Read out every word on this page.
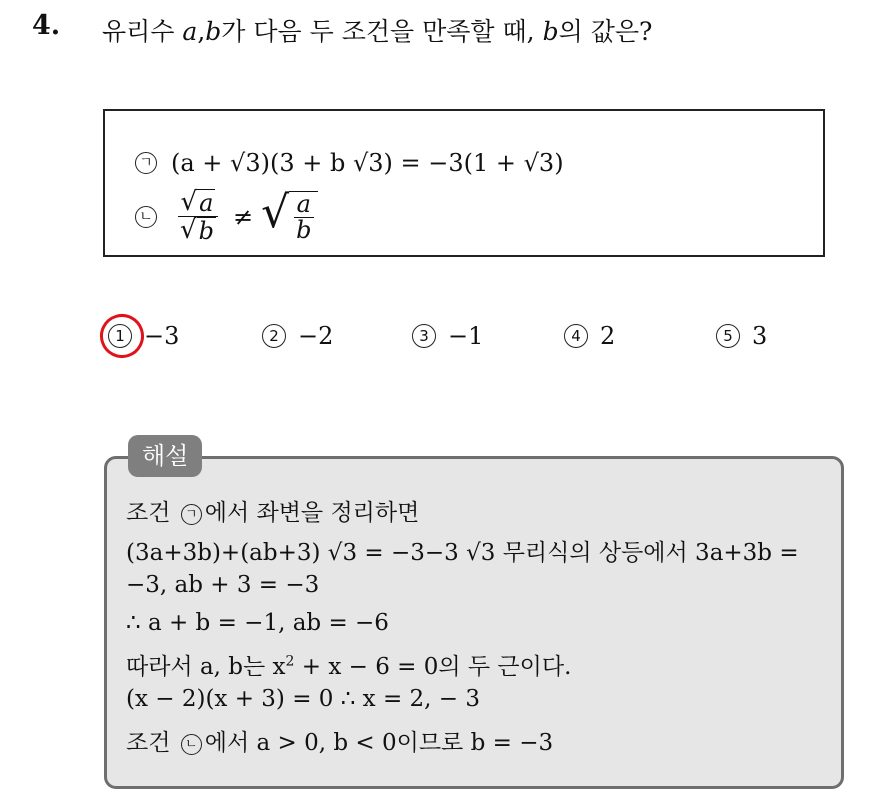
4. 유리수 a,b가 다음 두 조건을 만족할 때, b의 값은?
ㄱ (a + √3)(3 + b √3) = −3(1 + √3)
ㄴ $\frac{√ a}{√ b}$ ≠ √ $\frac{a}{b}$
1 −3	2 −2	3 −1	4 2	5 3
해설
조건 ㄱ 에서 좌변을 정리하면
(3a+3b)+(ab+3) √3 = −3−3 √3 무리식의 상등에서 3a+3b =
−3, ab + 3 = −3
∴ a + b = −1, ab = −6
따라서 a, b는 $x^2 + x - 6 = 0$의 두 근이다.
(x − 2)(x + 3) = 0 ∴ x = 2, − 3
조건 ㄴ 에서 a > 0, b < 0이므로 b = −3
